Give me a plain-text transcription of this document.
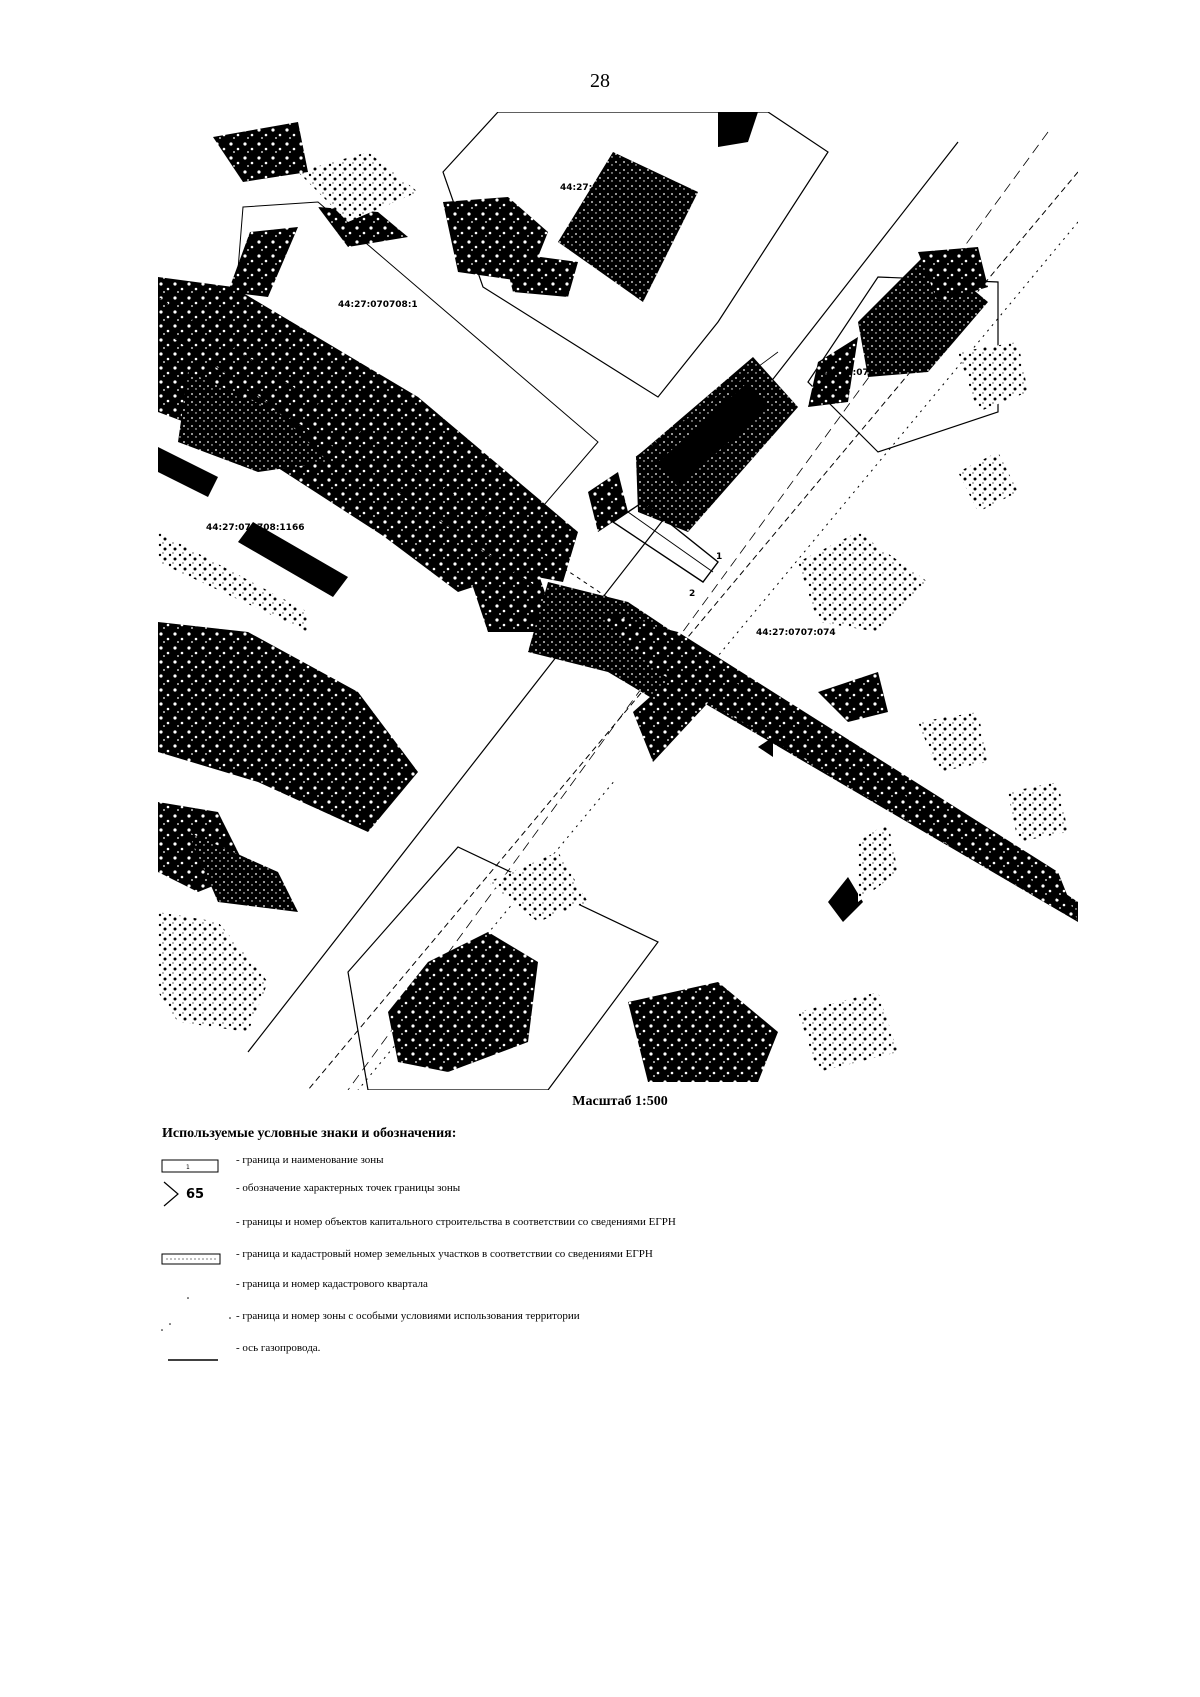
28
44:27:
44:27:070708:1
44:27:0707
44:27:070708:1166
44:27:0707:074
1
2
Масштаб 1:500
Используемые условные знаки и обозначения:
1
- граница и наименование зоны
65	- обозначение характерных точек границы зоны
- границы и номер объектов капитального строительства в соответствии со сведениями ЕГРН
- граница и кадастровый номер земельных участков в соответствии со сведениями ЕГРН
- граница и номер кадастрового квартала
- граница и номер зоны с особыми условиями использования территории
- ось газопровода.
